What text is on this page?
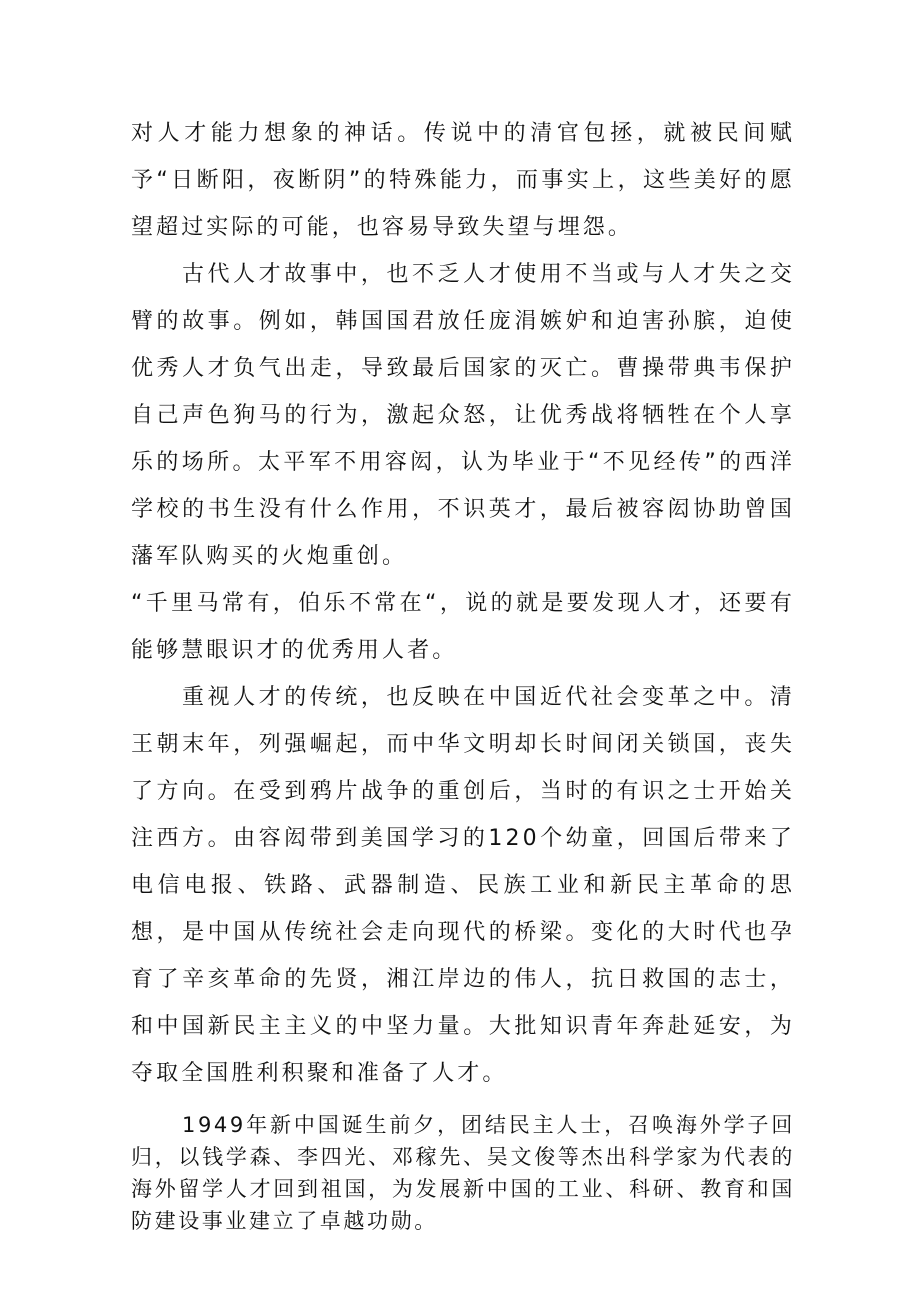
对人才能力想象的神话。传说中的清官包拯，就被民间赋予“日断阳，夜断阴”的特殊能力，而事实上，这些美好的愿望超过实际的可能，也容易导致失望与埋怨。

古代人才故事中，也不乏人才使用不当或与人才失之交臂的故事。例如，韩国国君放任庞涓嫉妒和迫害孙膑，迫使优秀人才负气出走，导致最后国家的灭亡。曹操带典韦保护自己声色狗马的行为，激起众怒，让优秀战将牺牲在个人享乐的场所。太平军不用容闳，认为毕业于“不见经传”的西洋学校的书生没有什么作用，不识英才，最后被容闳协助曾国藩军队购买的火炮重创。

“千里马常有，伯乐不常在“，说的就是要发现人才，还要有能够慧眼识才的优秀用人者。

重视人才的传统，也反映在中国近代社会变革之中。清王朝末年，列强崛起，而中华文明却长时间闭关锁国，丧失了方向。在受到鸦片战争的重创后，当时的有识之士开始关注西方。由容闳带到美国学习的120个幼童，回国后带来了电信电报、铁路、武器制造、民族工业和新民主革命的思想，是中国从传统社会走向现代的桥梁。变化的大时代也孕育了辛亥革命的先贤，湘江岸边的伟人，抗日救国的志士，和中国新民主主义的中坚力量。大批知识青年奔赴延安，为夺取全国胜利积聚和准备了人才。

1949年新中国诞生前夕，团结民主人士，召唤海外学子回归，以钱学森、李四光、邓稼先、吴文俊等杰出科学家为代表的海外留学人才回到祖国，为发展新中国的工业、科研、教育和国防建设事业建立了卓越功勋。
